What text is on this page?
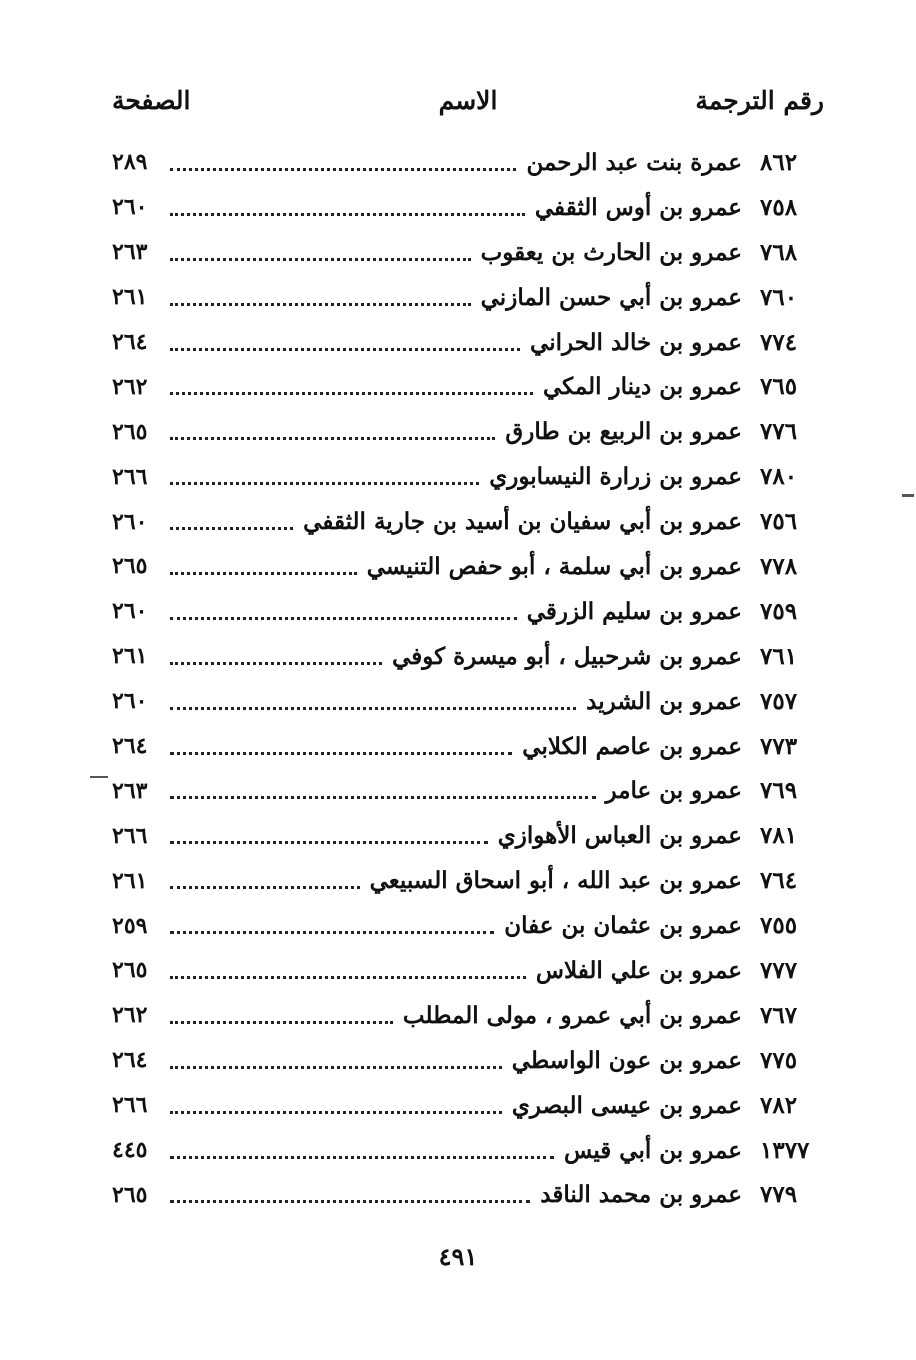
رقم الترجمة
الاسم
الصفحة
٨٦٢
عمرة بنت عبد الرحمن
٢٨٩
٧٥٨
عمرو بن أوس الثقفي
٢٦٠
٧٦٨
عمرو بن الحارث بن يعقوب
٢٦٣
٧٦٠
عمرو بن أبي حسن المازني
٢٦١
٧٧٤
عمرو بن خالد الحراني
٢٦٤
٧٦٥
عمرو بن دينار المكي
٢٦٢
٧٧٦
عمرو بن الربيع بن طارق
٢٦٥
٧٨٠
عمرو بن زرارة النيسابوري
٢٦٦
٧٥٦
عمرو بن أبي سفيان بن أسيد بن جارية الثقفي
٢٦٠
٧٧٨
عمرو بن أبي سلمة ، أبو حفص التنيسي
٢٦٥
٧٥٩
عمرو بن سليم الزرقي
٢٦٠
٧٦١
عمرو بن شرحبيل ، أبو ميسرة كوفي
٢٦١
٧٥٧
عمرو بن الشريد
٢٦٠
٧٧٣
عمرو بن عاصم الكلابي
٢٦٤
٧٦٩
عمرو بن عامر
٢٦٣
٧٨١
عمرو بن العباس الأهوازي
٢٦٦
٧٦٤
عمرو بن عبد الله ، أبو اسحاق السبيعي
٢٦١
٧٥٥
عمرو بن عثمان بن عفان
٢٥٩
٧٧٧
عمرو بن علي الفلاس
٢٦٥
٧٦٧
عمرو بن أبي عمرو ، مولى المطلب
٢٦٢
٧٧٥
عمرو بن عون الواسطي
٢٦٤
٧٨٢
عمرو بن عيسى البصري
٢٦٦
١٣٧٧
عمرو بن أبي قيس
٤٤٥
٧٧٩
عمرو بن محمد الناقد
٢٦٥
٤٩١
